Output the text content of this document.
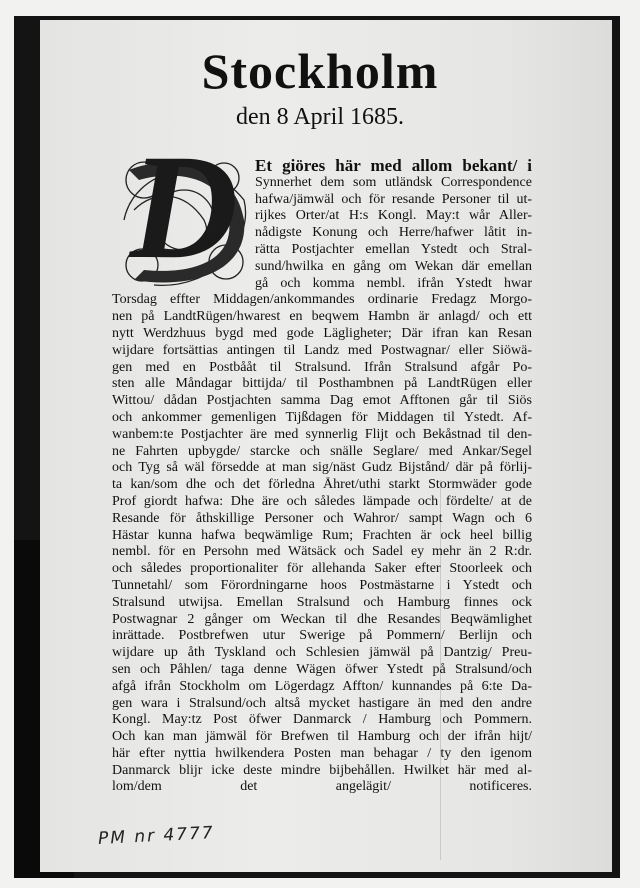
Stockholm
den 8 April 1685.
D Et giöres här med allom bekant/ i
Synnerhet dem som utländsk Correspondence
hafwa/jämwäl och för resande Personer til ut-
rijkes Orter/at H:s Kongl. May:t wår Aller-
nådigste Konung och Herre/hafwer låtit in-
rätta Postjachter emellan Ystedt och Stral-
sund/hwilka en gång om Wekan där emellan
gå och komma nembl. ifrån Ystedt hwar
Torsdag effter Middagen/ankommandes ordinarie Fredagz Morgo-
nen på LandtRügen/hwarest en beqwem Hambn är anlagd/ och ett
nytt Werdzhuus bygd med gode Lägligheter; Där ifran kan Resan
wijdare fortsättias antingen til Landz med Postwagnar/ eller Siöwä-
gen med en Postbååt til Stralsund. Ifrån Stralsund afgår Po-
sten alle Måndagar bittijda/ til Posthambnen på LandtRügen eller
Wittou/ dådan Postjachten samma Dag emot Afftonen går til Siös
och ankommer gemenligen Tijßdagen för Middagen til Ystedt. Af-
wanbem:te Postjachter äre med synnerlig Flijt och Bekåstnad til den-
ne Fahrten upbygde/ starcke och snälle Seglare/ med Ankar/Segel
och Tyg så wäl försedde at man sig/näst Gudz Bijstånd/ där på förlij-
ta kan/som dhe och det förledna Åhret/uthi starkt Stormwäder gode
Prof giordt hafwa: Dhe äre och således lämpade och fördelte/ at de
Resande för åthskillige Personer och Wahror/ sampt Wagn och 6
Hästar kunna hafwa beqwämlige Rum; Frachten är ock heel billig
nembl. för en Persohn med Wätsäck och Sadel ey mehr än 2 R:dr.
och således proportionaliter för allehanda Saker efter Stoorleek och
Tunnetahl/ som Förordningarne hoos Postmästarne i Ystedt och
Stralsund utwijsa. Emellan Stralsund och Hamburg finnes ock
Postwagnar 2 gånger om Weckan til dhe Resandes Beqwämlighet
inrättade. Postbrefwen utur Swerige på Pommern/ Berlijn och
wijdare up åth Tyskland och Schlesien jämwäl på Dantzig/ Preu-
sen och Påhlen/ taga denne Wägen öfwer Ystedt på Stralsund/och
afgå ifrån Stockholm om Lögerdagz Affton/ kunnandes på 6:te Da-
gen wara i Stralsund/och altså mycket hastigare än med den andre
Kongl. May:tz Post öfwer Danmarck / Hamburg och Pommern.
Och kan man jämwäl för Brefwen til Hamburg och der ifrån hijt/
här efter nyttia hwilkendera Posten man behagar / ty den igenom
Danmarck blijr icke deste mindre bijbehållen. Hwilket här med al-
lom/dem det angelägit/ notificeres.
PM nr 4777
